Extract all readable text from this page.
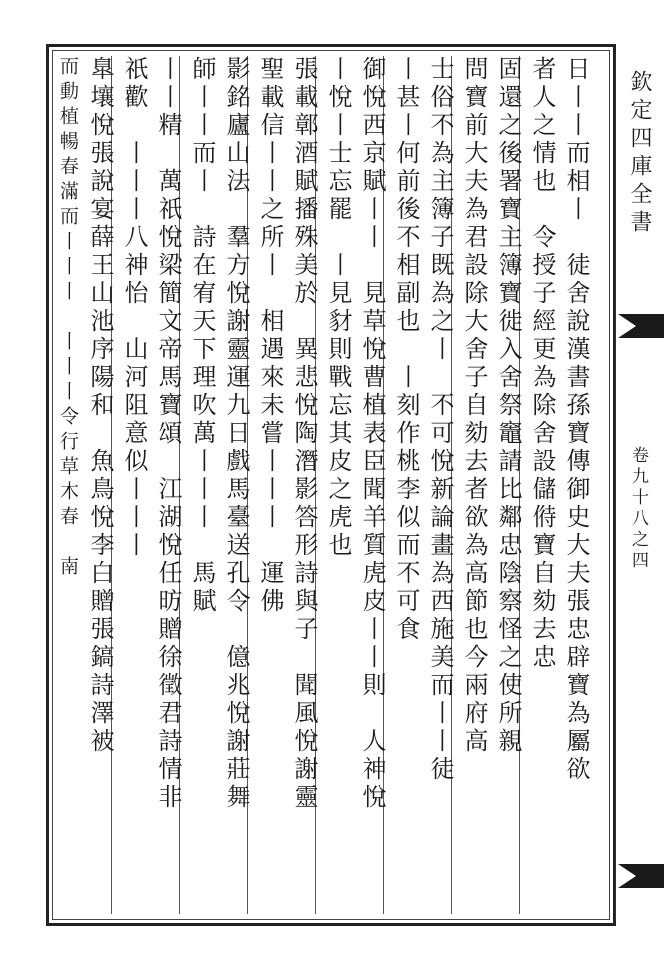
日丨丨而相丨　徒舍說漢書孫寶傳御史大夫張忠辟寶為屬欲
者人之情也　令授子經更為除舍設儲偫寶自劾去忠
固還之後署寶主簿寶徙入舍祭竈請比鄰忠陰察怪之使所親
問寶前大夫為君設除大舍子自劾去者欲為高節也今兩府高
士俗不為主簿子既為之丨　不可悅新論畫為西施美而丨丨徒
丨甚丨何前後不相副也　丨刻作桃李似而不可食
御悅西京賦丨丨　見草悅曹植表臣聞羊質虎皮丨丨則　人神悅
丨悅丨士忘罷　丨見豺則戰忘其皮之虎也
張載鄣酒賦播殊美於　異悲悅陶潛影答形詩與子　聞風悅謝靈
聖載信丨丨之所丨　相遇來未嘗丨丨丨　運佛
影銘廬山法　羣方悅謝靈運九日戲馬臺送孔令　億兆悅謝莊舞
師丨丨而丨　詩在宥天下理吹萬丨丨丨　馬賦
丨丨精　萬祇悅梁簡文帝馬寶頌　江湖悅任昉贈徐徵君詩情非
祇歡　丨丨丨八神怡　山河阻意似丨丨丨
臯壤悅張說宴薛王山池序陽和　魚鳥悅李白贈張鎬詩澤被
而動植暢春滿而丨丨丨　丨丨丨令行草木春　南	欽定四庫全書
卷九十八之四
